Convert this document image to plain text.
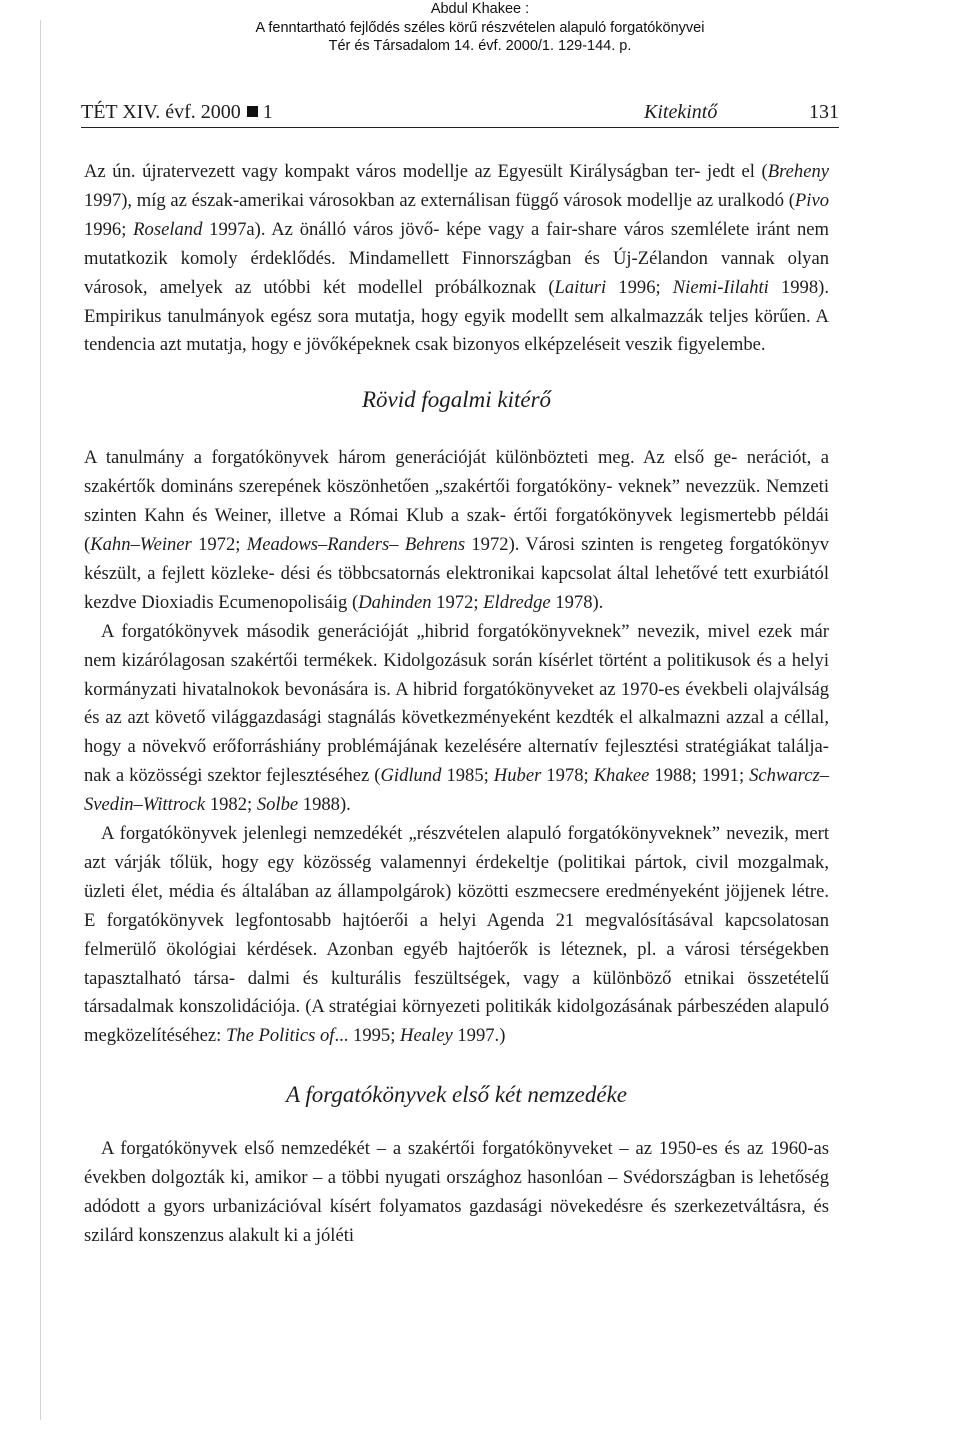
Abdul Khakee :
A fenntartható fejlődés széles körű részvételen alapuló forgatókönyvei
Tér és Társadalom 14. évf. 2000/1. 129-144. p.
TÉT XIV. évf. 2000 1	Kitekintő	131

Az ún. újratervezett vagy kompakt város modellje az Egyesült Királyságban ter- jedt el (Breheny 1997), míg az észak-amerikai városokban az externálisan függő városok modellje az uralkodó (Pivo 1996; Roseland 1997a). Az önálló város jövő- képe vagy a fair-share város szemlélete iránt nem mutatkozik komoly érdeklődés. Mindamellett Finnországban és Új-Zélandon vannak olyan városok, amelyek az utóbbi két modellel próbálkoznak (Laituri 1996; Niemi-Iilahti 1998). Empirikus tanulmányok egész sora mutatja, hogy egyik modellt sem alkalmazzák teljes körűen. A tendencia azt mutatja, hogy e jövőképeknek csak bizonyos elképzeléseit veszik figyelembe.

Rövid fogalmi kitérő

A tanulmány a forgatókönyvek három generációját különbözteti meg. Az első ge- nerációt, a szakértők domináns szerepének köszönhetően „szakértői forgatóköny- veknek” nevezzük. Nemzeti szinten Kahn és Weiner, illetve a Római Klub a szak- értői forgatókönyvek legismertebb példái (Kahn–Weiner 1972; Meadows–Randers– Behrens 1972). Városi szinten is rengeteg forgatókönyv készült, a fejlett közleke- dési és többcsatornás elektronikai kapcsolat által lehetővé tett exurbiától kezdve Dioxiadis Ecumenopolisáig (Dahinden 1972; Eldredge 1978).

A forgatókönyvek második generációját „hibrid forgatókönyveknek” nevezik, mivel ezek már nem kizárólagosan szakértői termékek. Kidolgozásuk során kísérlet történt a politikusok és a helyi kormányzati hivatalnokok bevonására is. A hibrid forgatókönyveket az 1970-es évekbeli olajválság és az azt követő világgazdasági stagnálás következményeként kezdték el alkalmazni azzal a céllal, hogy a növekvő erőforráshiány problémájának kezelésére alternatív fejlesztési stratégiákat találja- nak a közösségi szektor fejlesztéséhez (Gidlund 1985; Huber 1978; Khakee 1988; 1991; Schwarcz–Svedin–Wittrock 1982; Solbe 1988).

A forgatókönyvek jelenlegi nemzedékét „részvételen alapuló forgatókönyveknek” nevezik, mert azt várják tőlük, hogy egy közösség valamennyi érdekeltje (politikai pártok, civil mozgalmak, üzleti élet, média és általában az állampolgárok) közötti eszmecsere eredményeként jöjjenek létre. E forgatókönyvek legfontosabb hajtóerői a helyi Agenda 21 megvalósításával kapcsolatosan felmerülő ökológiai kérdések. Azonban egyéb hajtóerők is léteznek, pl. a városi térségekben tapasztalható társa- dalmi és kulturális feszültségek, vagy a különböző etnikai összetételű társadalmak konszolidációja. (A stratégiai környezeti politikák kidolgozásának párbeszéden alapuló megközelítéséhez: The Politics of... 1995; Healey 1997.)

A forgatókönyvek első két nemzedéke

A forgatókönyvek első nemzedékét – a szakértői forgatókönyveket – az 1950-es és az 1960-as években dolgozták ki, amikor – a többi nyugati országhoz hasonlóan – Svédországban is lehetőség adódott a gyors urbanizációval kísért folyamatos gazdasági növekedésre és szerkezetváltásra, és szilárd konszenzus alakult ki a jóléti
